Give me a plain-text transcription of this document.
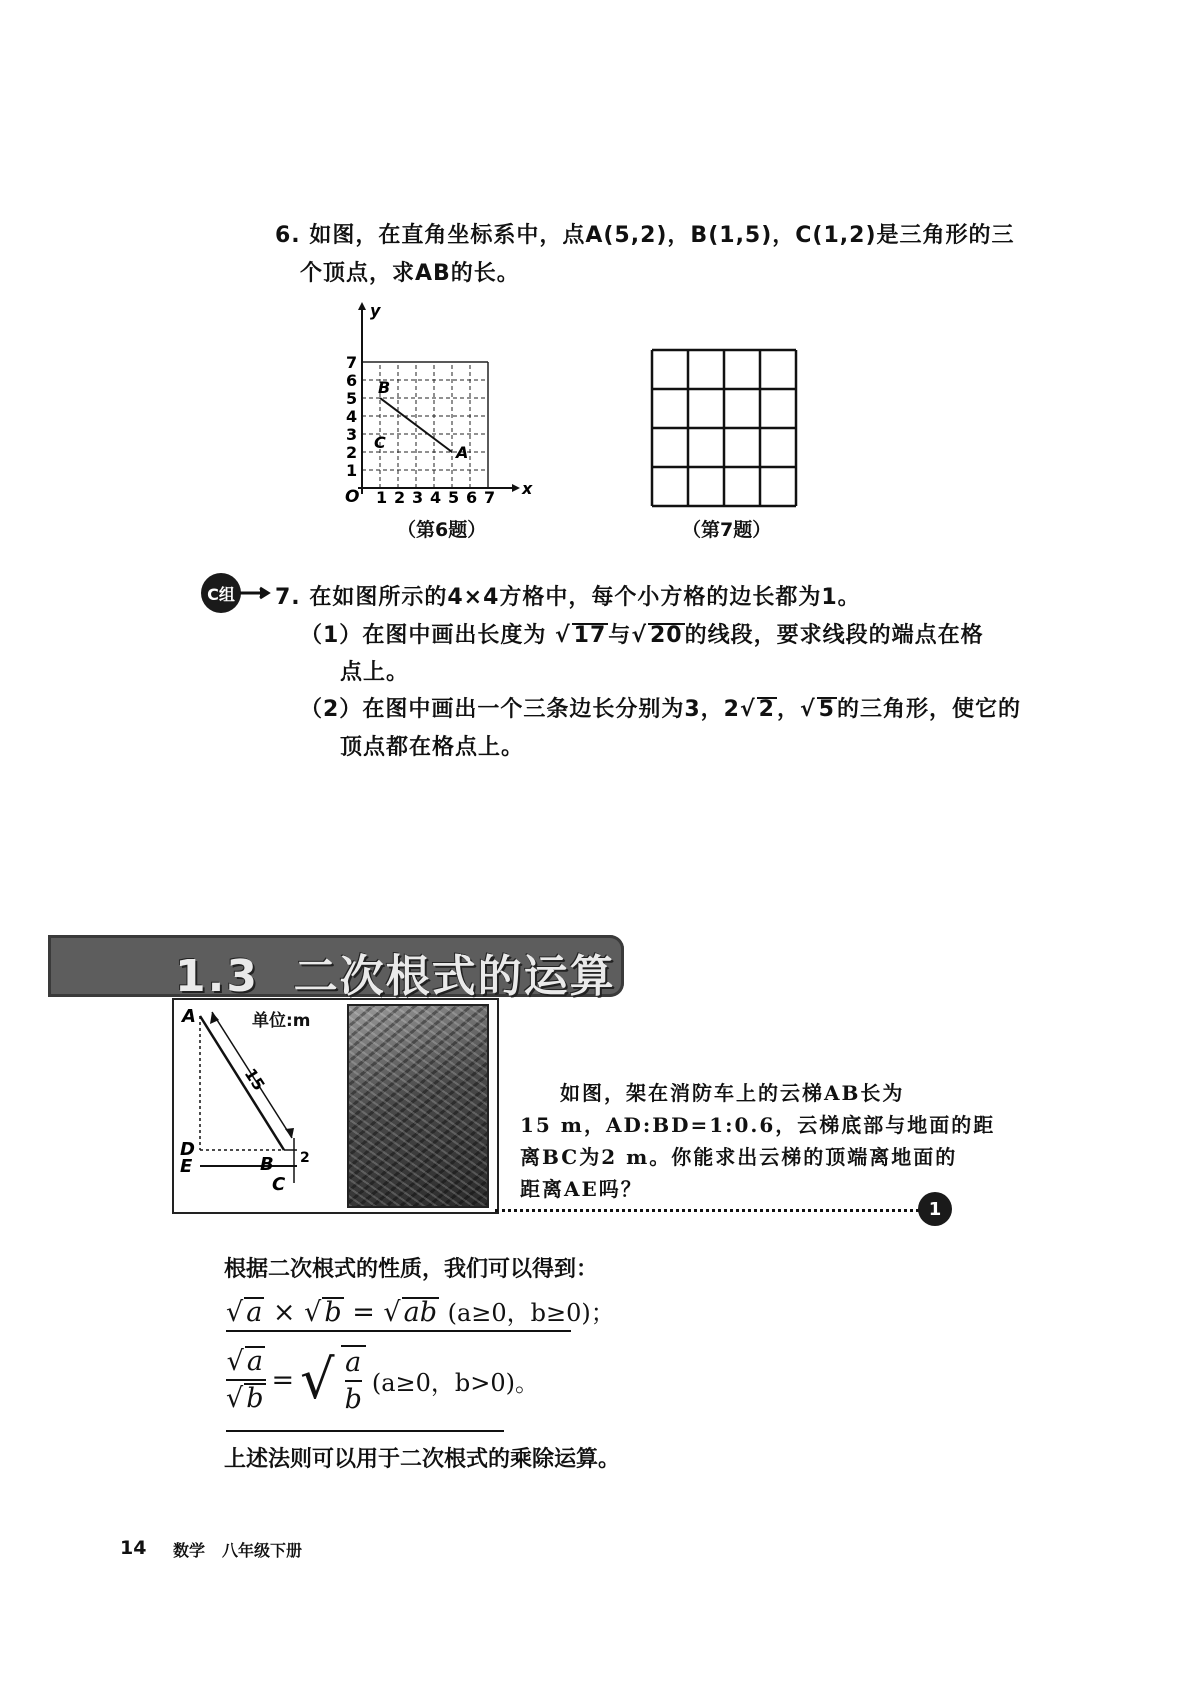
6. 如图，在直角坐标系中，点A(5,2)，B(1,5)，C(1,2)是三角形的三
个顶点，求AB的长。
y
x
O 1 2 3 4 5 6 7
1
2
3
4
5
6
7
B
A
C
（第6题）	（第7题）
C组 7. 在如图所示的4×4方格中，每个小方格的边长都为1。
（1）在图中画出长度为 √ 17与√ 20的线段，要求线段的端点在格
点上。
（2）在图中画出一个三条边长分别为3，2√ 2，√ 5的三角形，使它的
顶点都在格点上。
1.3 二次根式的运算
A
D
E	B
C
15
2
单位:m
如图，架在消防车上的云梯AB长为
15 m，AD:BD=1:0.6，云梯底部与地面的距
离BC为2 m。你能求出云梯的顶端离地面的
距离AE吗？
1
根据二次根式的性质，我们可以得到：
√ a × √ b = √ ab (a≥0，b≥0)；
$\frac{√ a}{√ b}$ = √ $\frac{a}{b} (a\ge 0$，b>0)。
上述法则可以用于二次根式的乘除运算。
14 数学 八年级下册
